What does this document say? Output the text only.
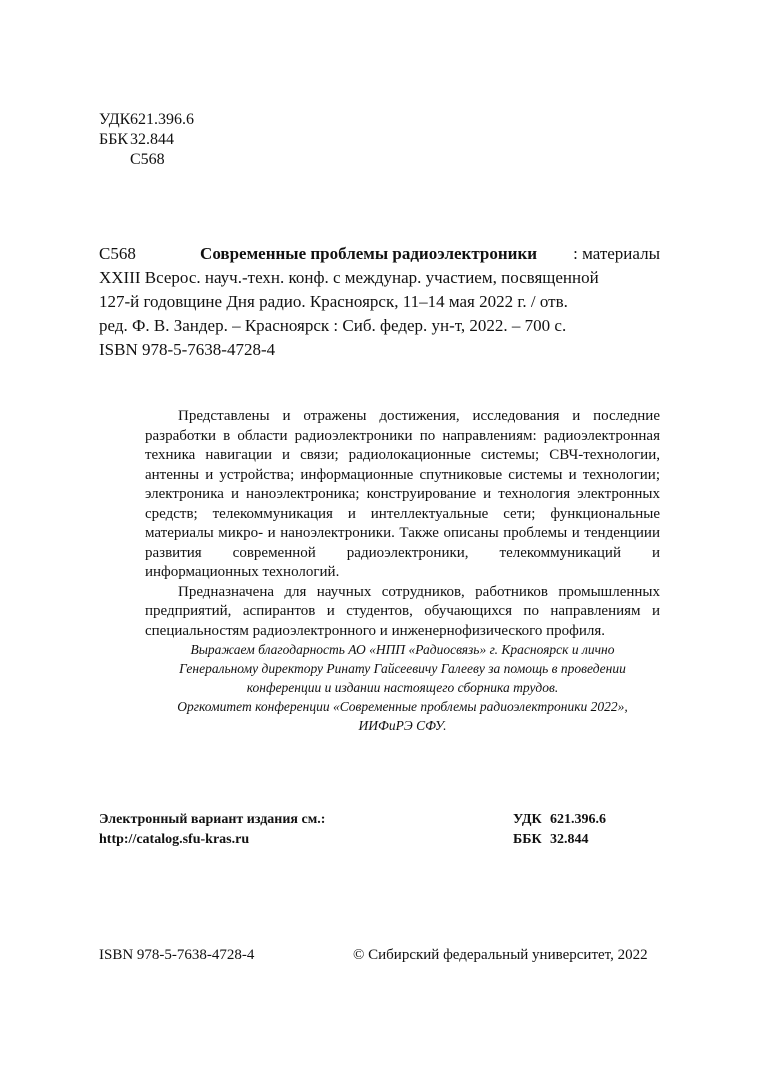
УДК 621.396.6
ББК 32.844
С568
С568	Современные проблемы радиоэлектроники : материалы
XXIII Всерос. науч.-техн. конф. с междунар. участием, посвященной
127-й годовщине Дня радио. Красноярск, 11–14 мая 2022 г. / отв.
ред. Ф. В. Зандер. – Красноярск : Сиб. федер. ун-т, 2022. – 700 с.
ISBN 978-5-7638-4728-4

Представлены и отражены достижения, исследования и последние разработки в области радиоэлектроники по направлениям: радиоэлектронная техника навигации и связи; радиолокационные системы; СВЧ-технологии, антенны и устройства; информационные спутниковые системы и технологии; электроника и наноэлектроника; конструирование и технология электронных средств; телекоммуникация и интеллектуальные сети; функциональные материалы микро- и наноэлектроники. Также описаны проблемы и тенденциии развития современной радиоэлектроники, телекоммуникаций и информационных технологий.

Предназначена для научных сотрудников, работников промышленных предприятий, аспирантов и студентов, обучающихся по направлениям и специальностям радиоэлектронного и инженернофизического профиля.

Выражаем благодарность АО «НПП «Радиосвязь» г. Красноярск и лично
Генеральному директору Ринату Гайсеевичу Галееву за помощь в проведении
конференции и издании настоящего сборника трудов.
Оргкомитет конференции «Современные проблемы радиоэлектроники 2022»,
ИИФиРЭ СФУ.
Электронный вариант издания см.:
http://catalog.sfu-kras.ru
УДК 621.396.6
ББК 32.844
ISBN 978-5-7638-4728-4	© Сибирский федеральный университет, 2022
